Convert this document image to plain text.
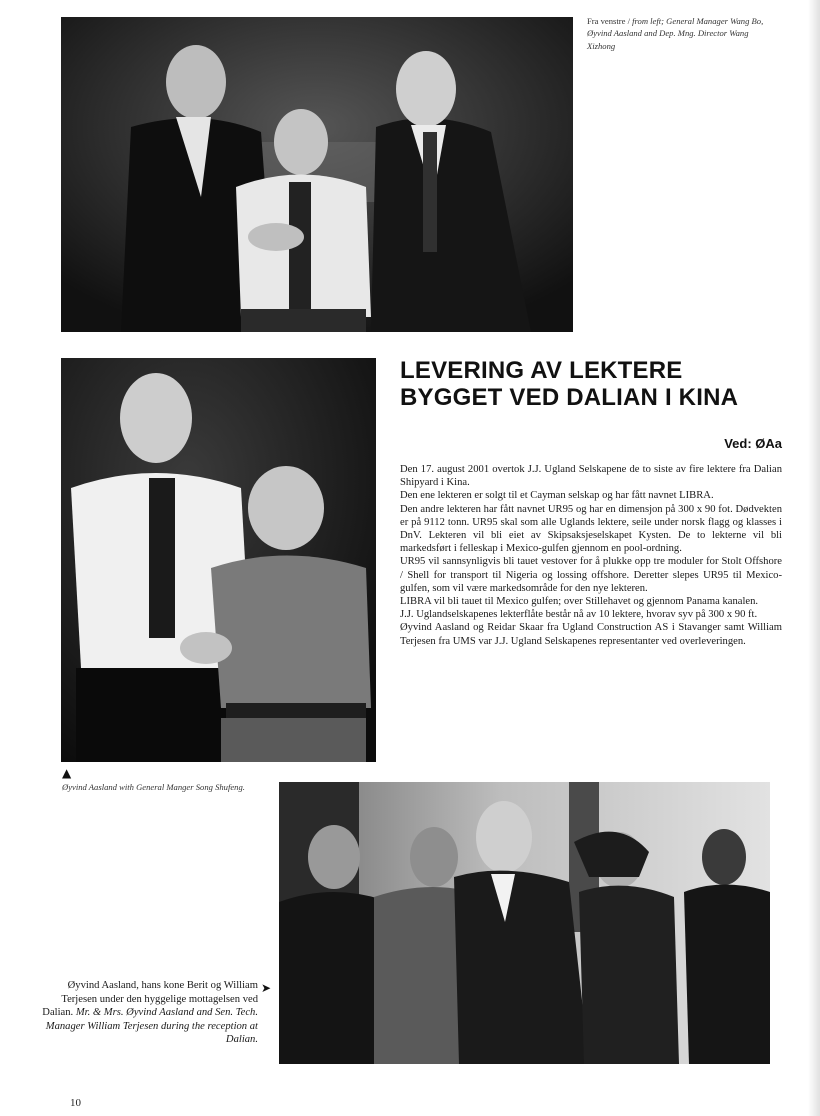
Fra venstre / from left; General Manager Wang Bo, Øyvind Aasland and Dep. Mng. Director Wang Xizhong
▲
Øyvind Aasland with General Manger Song Shufeng.
LEVERING AV LEKTERE BYGGET VED DALIAN I KINA
Ved: ØAa

Den 17. august 2001 overtok J.J. Ugland Selskapene de to siste av fire lektere fra Dalian Shipyard i Kina.

Den ene lekteren er solgt til et Cayman selskap og har fått navnet LIBRA.

Den andre lekteren har fått navnet UR95 og har en dimensjon på 300 x 90 fot. Dødvekten er på 9112 tonn. UR95 skal som alle Uglands lektere, seile under norsk flagg og klasses i DnV. Lekteren vil bli eiet av Skipsaksjeselskapet Kysten. De to lekterne vil bli markedsført i felleskap i Mexico-gulfen gjennom en pool-ordning.

UR95 vil sannsynligvis bli tauet vestover for å plukke opp tre moduler for Stolt Offshore / Shell for transport til Nigeria og lossing offshore. Deretter slepes UR95 til Mexico-gulfen, som vil være markedsområde for den nye lekteren.

LIBRA vil bli tauet til Mexico gulfen; over Stillehavet og gjennom Panama kanalen.

J.J. Uglandselskapenes lekterflåte består nå av 10 lektere, hvorav syv på 300 x 90 ft.

Øyvind Aasland og Reidar Skaar fra Ugland Construction AS i Stavanger samt William Terjesen fra UMS var J.J. Ugland Selskapenes representanter ved overleveringen.

Øyvind Aasland, hans kone Berit og William Terjesen under den hyggelige mottagelsen ved Dalian. Mr. & Mrs. Øyvind Aasland and Sen. Tech. Manager William Terjesen during the reception at Dalian.
➤
10
